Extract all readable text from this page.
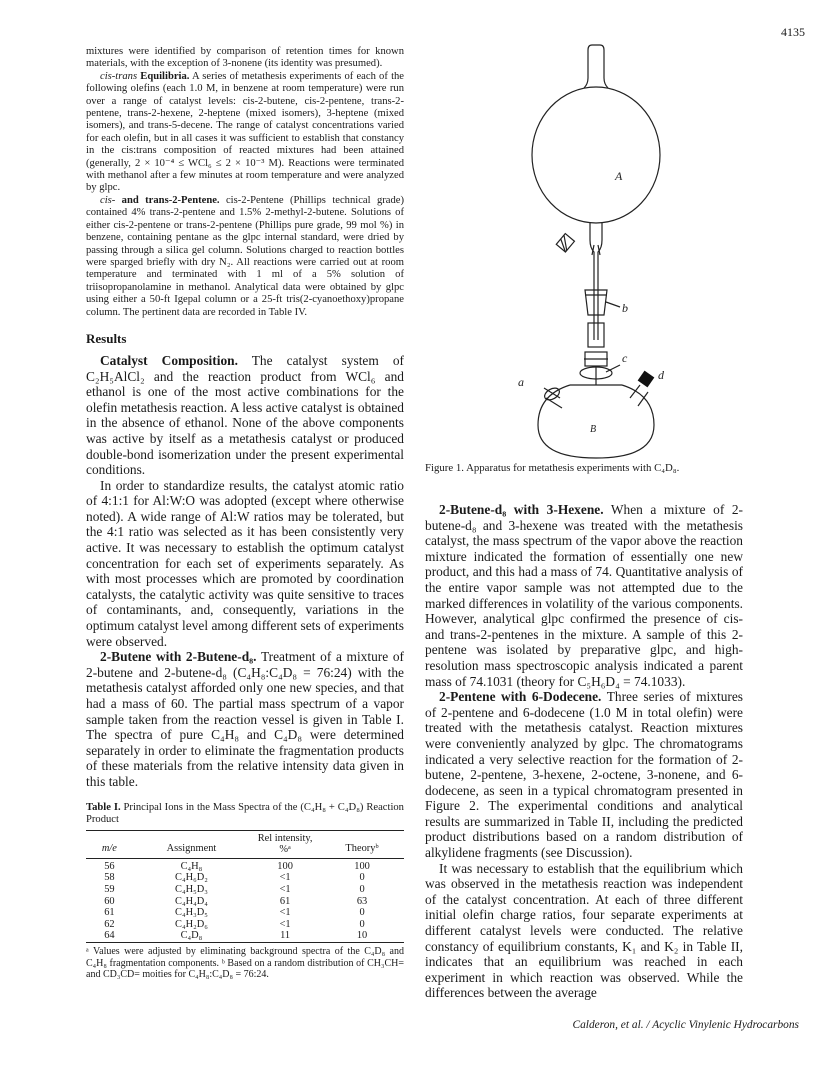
4135

mixtures were identified by comparison of retention times for known materials, with the exception of 3-nonene (its identity was presumed).

cis-trans Equilibria. A series of metathesis experiments of each of the following olefins (each 1.0 M, in benzene at room temperature) were run over a range of catalyst levels: cis-2-butene, cis-2-pentene, trans-2-pentene, trans-2-hexene, 2-heptene (mixed isomers), 3-heptene (mixed isomers), and trans-5-decene. The range of catalyst concentrations varied for each olefin, but in all cases it was sufficient to establish that constancy in the cis:trans composition of reacted mixtures had been attained (generally, 2 × 10⁻⁴ ≤ WCl₆ ≤ 2 × 10⁻³ M). Reactions were terminated with methanol after a few minutes at room temperature and were analyzed by glpc.

cis- and trans-2-Pentene. cis-2-Pentene (Phillips technical grade) contained 4% trans-2-pentene and 1.5% 2-methyl-2-butene. Solutions of either cis-2-pentene or trans-2-pentene (Phillips pure grade, 99 mol %) in benzene, containing pentane as the glpc internal standard, were dried by passing through a silica gel column. Solutions charged to reaction bottles were sparged briefly with dry N₂. All reactions were carried out at room temperature and terminated with 1 ml of a 5% solution of triisopropanolamine in methanol. Analytical data were obtained by glpc using either a 50-ft Igepal column or a 25-ft tris(2-cyanoethoxy)propane column. The pertinent data are recorded in Table IV.

Results

Catalyst Composition. The catalyst system of C₂H₅AlCl₂ and the reaction product from WCl₆ and ethanol is one of the most active combinations for the olefin metathesis reaction. A less active catalyst is obtained in the absence of ethanol. None of the above components was active by itself as a metathesis catalyst or produced double-bond isomerization under the present experimental conditions.

In order to standardize results, the catalyst atomic ratio of 4:1:1 for Al:W:O was adopted (except where otherwise noted). A wide range of Al:W ratios may be tolerated, but the 4:1 ratio was selected as it has been consistently very active. It was necessary to establish the optimum catalyst concentration for each set of experiments separately. As with most processes which are promoted by coordination catalysts, the catalytic activity was quite sensitive to traces of contaminants, and, consequently, variations in the optimum catalyst level among different sets of experiments were observed.

2-Butene with 2-Butene-d₈. Treatment of a mixture of 2-butene and 2-butene-d₈ (C₄H₈:C₄D₈ = 76:24) with the metathesis catalyst afforded only one new species, and that had a mass of 60. The partial mass spectrum of a vapor sample taken from the reaction vessel is given in Table I. The spectra of pure C₄H₈ and C₄D₈ were determined separately in order to eliminate the fragmentation products of these materials from the relative intensity data given in this table.

Table I. Principal Ions in the Mass Spectra of the (C₄H₈ + C₄D₈) Reaction Product
m/e	Assignment	Rel intensity, %ᵃ	Theoryᵇ
56	C₄H₈	100	100
58	C₄H₆D₂	<1	0
59	C₄H₅D₃	<1	0
60	C₄H₄D₄	61	63
61	C₄H₃D₅	<1	0
62	C₄H₂D₆	<1	0
64	C₄D₈	11	10
ᵃ Values were adjusted by eliminating background spectra of the C₄D₈ and C₄H₈ fragmentation components. ᵇ Based on a random distribution of CH₃CH= and CD₃CD= moities for C₄H₈:C₄D₈ = 76:24.
A
b
c
a	d
B
Figure 1. Apparatus for metathesis experiments with C₄D₈.

2-Butene-d₈ with 3-Hexene. When a mixture of 2-butene-d₈ and 3-hexene was treated with the metathesis catalyst, the mass spectrum of the vapor above the reaction mixture indicated the formation of essentially one new product, and this had a mass of 74. Quantitative analysis of the entire vapor sample was not attempted due to the marked differences in volatility of the various components. However, analytical glpc confirmed the presence of cis- and trans-2-pentenes in the mixture. A sample of this 2-pentene was isolated by preparative glpc, and high-resolution mass spectroscopic analysis indicated a parent mass of 74.1031 (theory for C₅H₆D₄ = 74.1033).

2-Pentene with 6-Dodecene. Three series of mixtures of 2-pentene and 6-dodecene (1.0 M in total olefin) were treated with the metathesis catalyst. Reaction mixtures were conveniently analyzed by glpc. The chromatograms indicated a very selective reaction for the formation of 2-butene, 2-pentene, 3-hexene, 2-octene, 3-nonene, and 6-dodecene, as seen in a typical chromatogram presented in Figure 2. The experimental conditions and analytical results are summarized in Table II, including the predicted product distributions based on a random distribution of alkylidene fragments (see Discussion).

It was necessary to establish that the equilibrium which was observed in the metathesis reaction was independent of the catalyst concentration. At each of three different initial olefin charge ratios, four separate experiments at different catalyst levels were conducted. The relative constancy of equilibrium constants, K₁ and K₂ in Table II, indicates that an equilibrium was reached in each experiment in which reaction was observed. While the differences between the average

Calderon, et al. / Acyclic Vinylenic Hydrocarbons
